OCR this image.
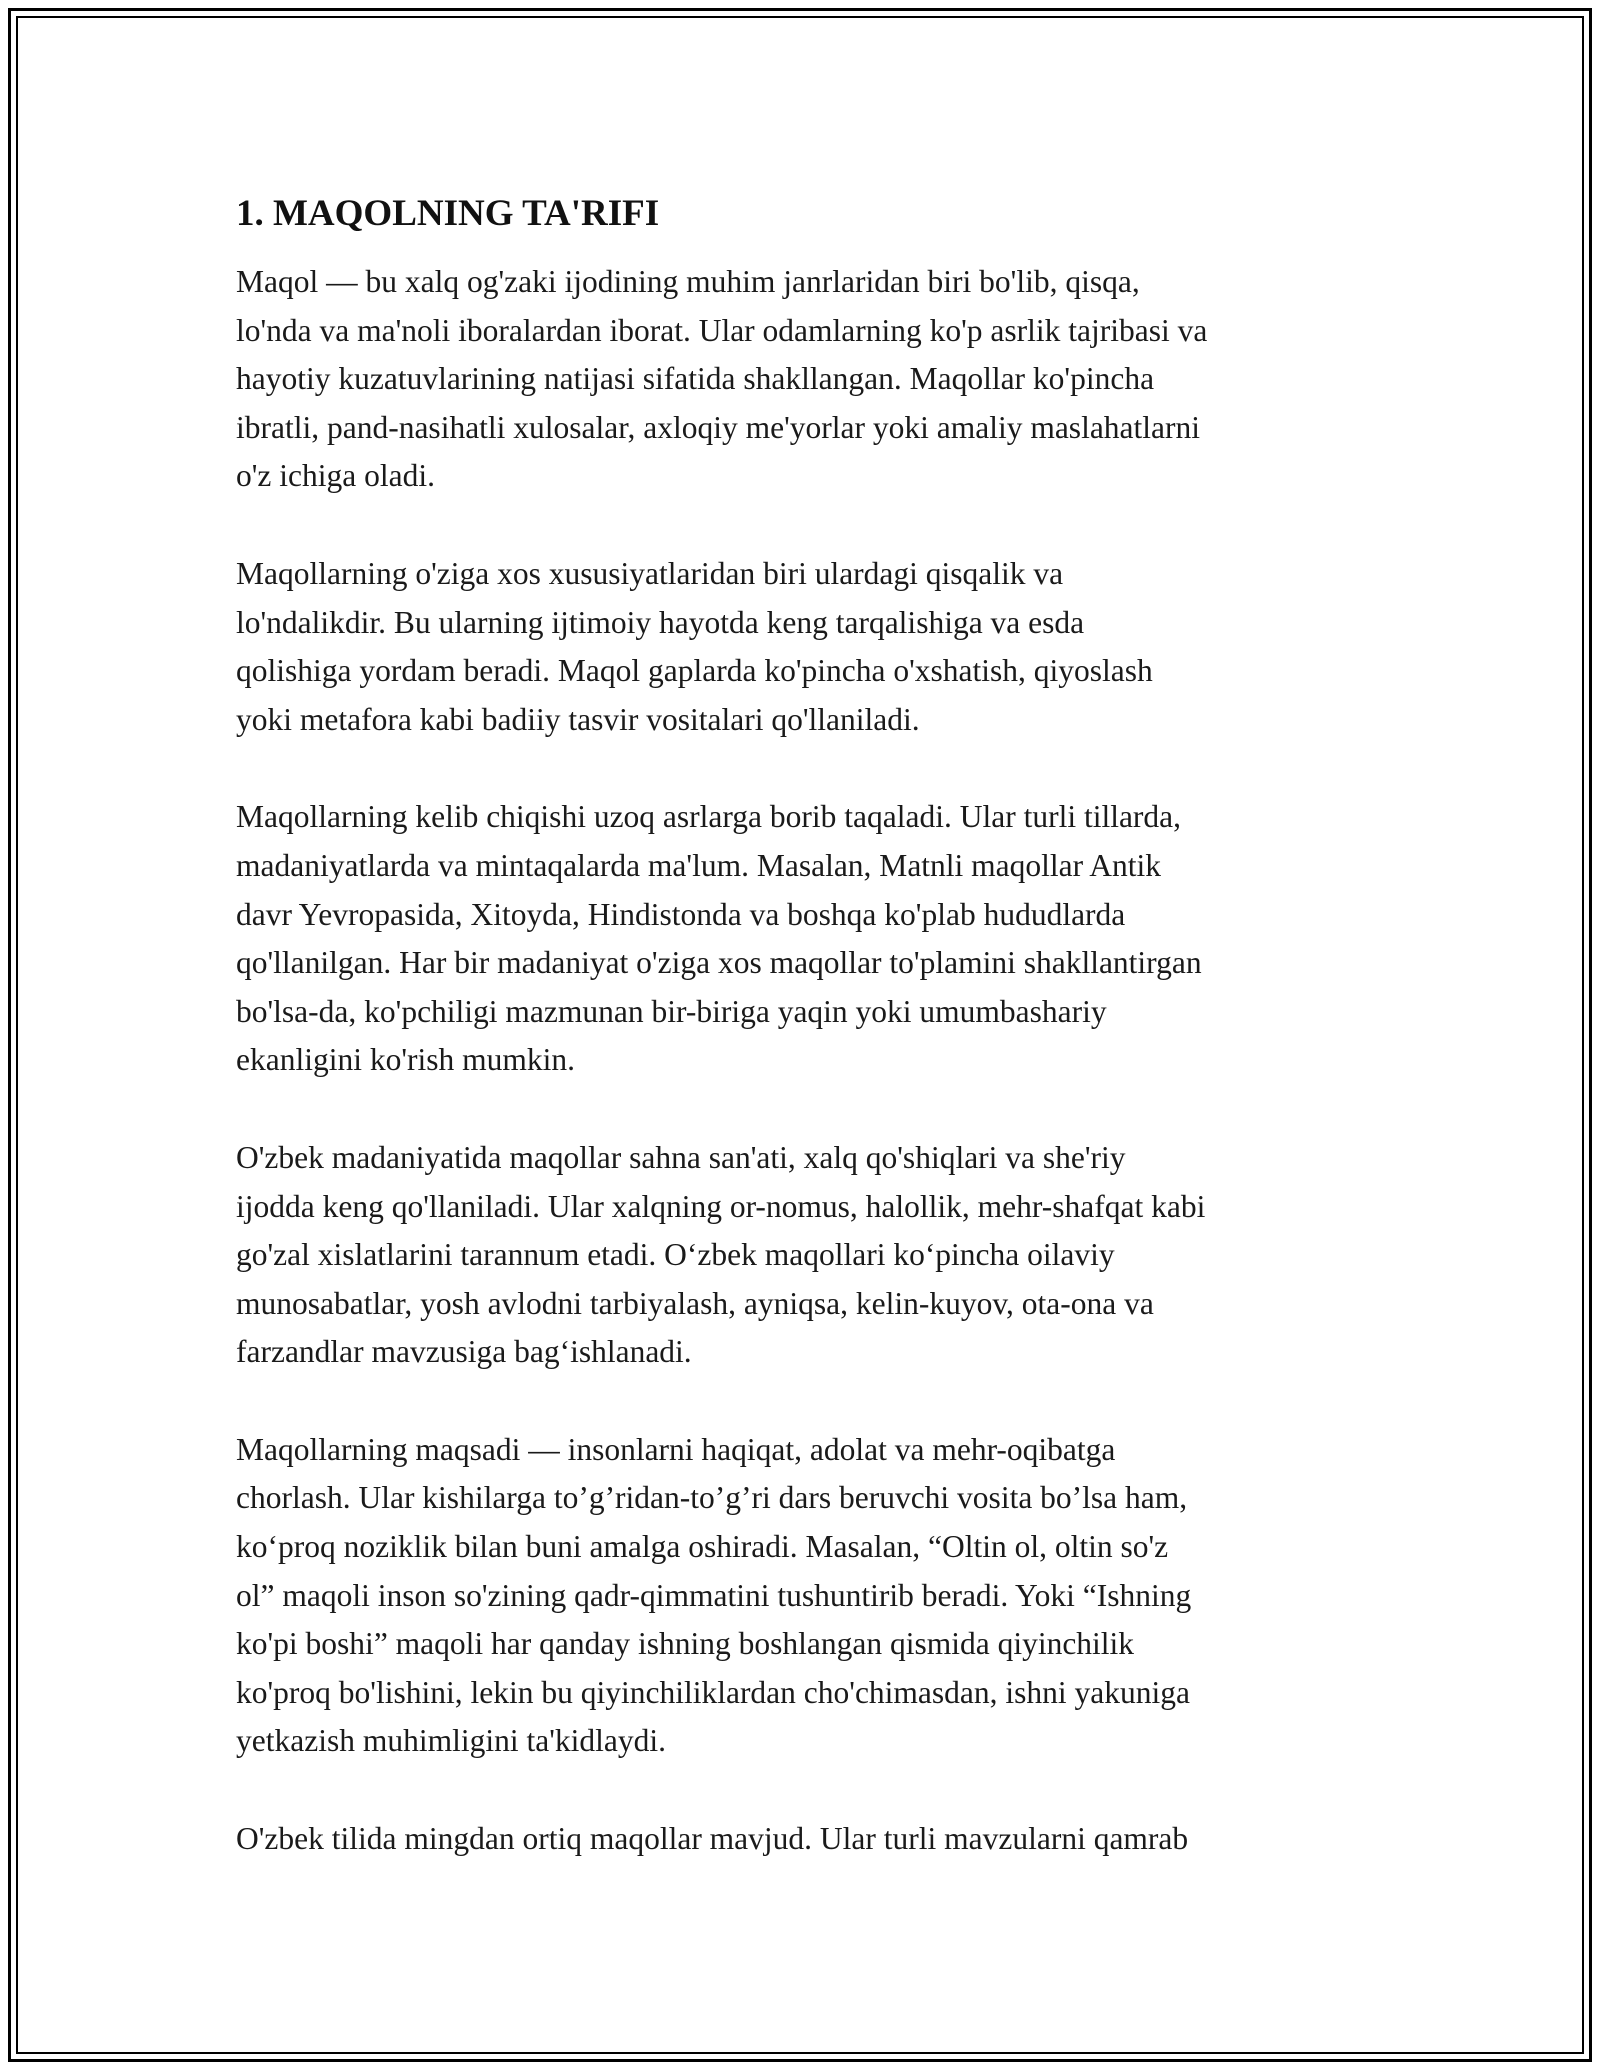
1. MAQOLNING TA'RIFI

Maqol — bu xalq og'zaki ijodining muhim janrlaridan biri bo'lib, qisqa,
lo'nda va ma'noli iboralardan iborat. Ular odamlarning ko'p asrlik tajribasi va
hayotiy kuzatuvlarining natijasi sifatida shakllangan. Maqollar ko'pincha
ibratli, pand-nasihatli xulosalar, axloqiy me'yorlar yoki amaliy maslahatlarni
o'z ichiga oladi.

Maqollarning o'ziga xos xususiyatlaridan biri ulardagi qisqalik va
lo'ndalikdir. Bu ularning ijtimoiy hayotda keng tarqalishiga va esda
qolishiga yordam beradi. Maqol gaplarda ko'pincha o'xshatish, qiyoslash
yoki metafora kabi badiiy tasvir vositalari qo'llaniladi.

Maqollarning kelib chiqishi uzoq asrlarga borib taqaladi. Ular turli tillarda,
madaniyatlarda va mintaqalarda ma'lum. Masalan, Matnli maqollar Antik
davr Yevropasida, Xitoyda, Hindistonda va boshqa ko'plab hududlarda
qo'llanilgan. Har bir madaniyat o'ziga xos maqollar to'plamini shakllantirgan
bo'lsa-da, ko'pchiligi mazmunan bir-biriga yaqin yoki umumbashariy
ekanligini ko'rish mumkin.

O'zbek madaniyatida maqollar sahna san'ati, xalq qo'shiqlari va she'riy
ijodda keng qo'llaniladi. Ular xalqning or-nomus, halollik, mehr-shafqat kabi
go'zal xislatlarini tarannum etadi. O‘zbek maqollari ko‘pincha oilaviy
munosabatlar, yosh avlodni tarbiyalash, ayniqsa, kelin-kuyov, ota-ona va
farzandlar mavzusiga bag‘ishlanadi.

Maqollarning maqsadi — insonlarni haqiqat, adolat va mehr-oqibatga
chorlash. Ular kishilarga to’g’ridan-to’g’ri dars beruvchi vosita bo’lsa ham,
ko‘proq noziklik bilan buni amalga oshiradi. Masalan, “Oltin ol, oltin so'z
ol” maqoli inson so'zining qadr-qimmatini tushuntirib beradi. Yoki “Ishning
ko'pi boshi” maqoli har qanday ishning boshlangan qismida qiyinchilik
ko'proq bo'lishini, lekin bu qiyinchiliklardan cho'chimasdan, ishni yakuniga
yetkazish muhimligini ta'kidlaydi.

O'zbek tilida mingdan ortiq maqollar mavjud. Ular turli mavzularni qamrab
